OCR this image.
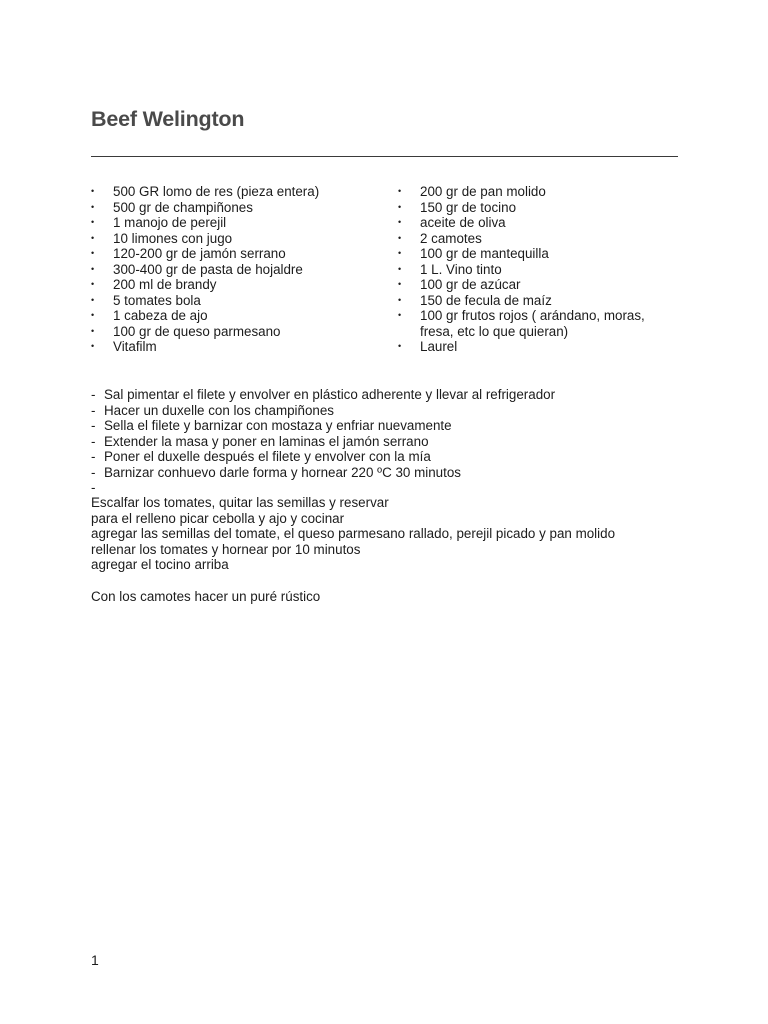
Beef Welington
• 500 GR lomo de res (pieza entera)
• 500 gr de champiñones
• 1 manojo de perejil
• 10 limones con jugo
• 120-200 gr de jamón serrano
• 300-400 gr de pasta de hojaldre
• 200 ml de brandy
• 5 tomates bola
• 1 cabeza de ajo
• 100 gr de queso parmesano
• Vitafilm
• 200 gr de pan molido
• 150 gr de tocino
• aceite de oliva
• 2 camotes
• 100 gr de mantequilla
• 1 L. Vino tinto
• 100 gr de azúcar
• 150 de fecula de maíz
• 100 gr frutos rojos ( arándano, moras, fresa, etc lo que quieran)
• Laurel
- Sal pimentar el filete y envolver en plástico adherente y llevar al refrigerador
- Hacer un duxelle con los champiñones
- Sella el filete y barnizar con mostaza y enfriar nuevamente
- Extender la masa y poner en laminas el jamón serrano
- Poner el duxelle después el filete y envolver con la mía
- Barnizar conhuevo darle forma y hornear 220 ºC 30 minutos
-

Escalfar los tomates, quitar las semillas y reservar
para el relleno picar cebolla y ajo y cocinar
agregar las semillas del tomate, el queso parmesano rallado, perejil picado y pan molido
rellenar los tomates y hornear por 10 minutos
agregar el tocino arriba
Con los camotes hacer un puré rústico
1
